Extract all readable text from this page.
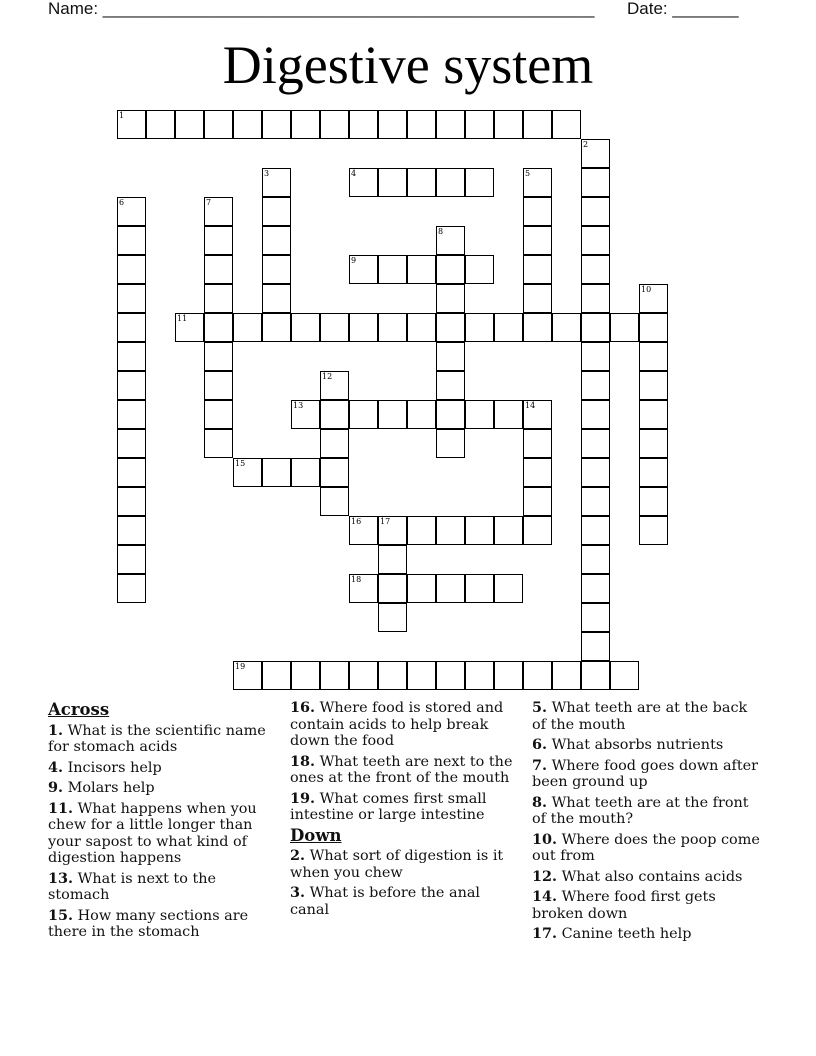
Name: ____________________________________________________ Date: _______
Digestive system
1
2
3	4	5
6	7
8
9
10
11
12
13	14
15
16 17
18
19
Across
1. What is the scientific name for stomach acids
4. Incisors help
9. Molars help
11. What happens when you chew for a little longer than your sapost to what kind of digestion happens
13. What is next to the stomach
15. How many sections are there in the stomach
16. Where food is stored and contain acids to help break down the food
18. What teeth are next to the ones at the front of the mouth
19. What comes first small intestine or large intestine
Down
2. What sort of digestion is it when you chew
3. What is before the anal canal
5. What teeth are at the back of the mouth
6. What absorbs nutrients
7. Where food goes down after been ground up
8. What teeth are at the front of the mouth?
10. Where does the poop come out from
12. What also contains acids
14. Where food first gets broken down
17. Canine teeth help
